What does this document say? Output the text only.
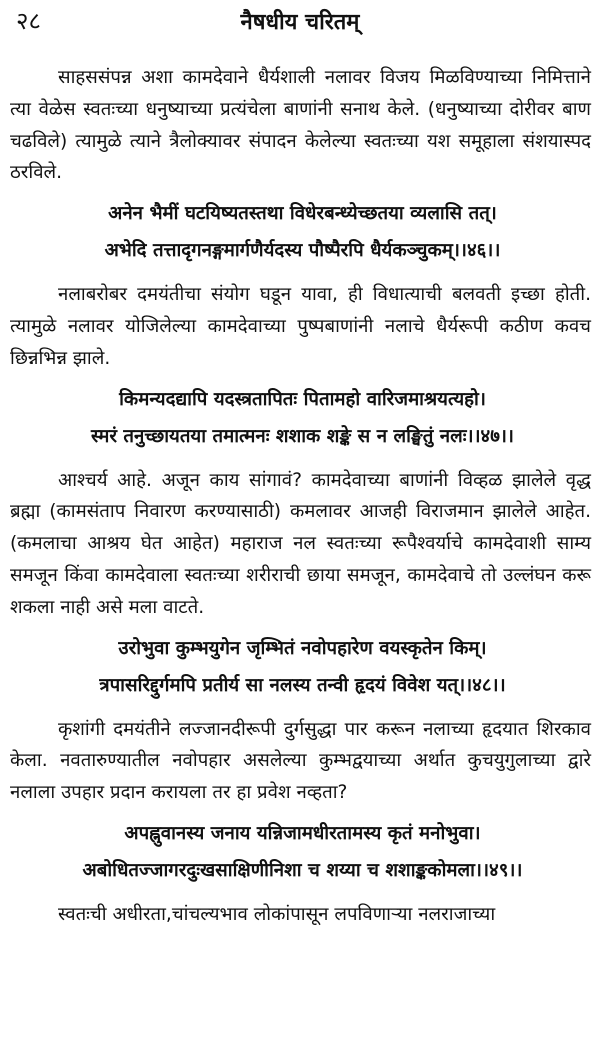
२८	नैषधीय चरितम्

साहससंपन्न अशा कामदेवाने धैर्यशाली नलावर विजय मिळविण्याच्या निमित्ताने त्या वेळेस स्वतःच्या धनुष्याच्या प्रत्यंचेला बाणांनी सनाथ केले. (धनुष्याच्या दोरीवर बाण चढविले) त्यामुळे त्याने त्रैलोक्यावर संपादन केलेल्या स्वतःच्या यश समूहाला संशयास्पद ठरविले.

अनेन भैमीं घटयिष्यतस्तथा विधेरबन्ध्येच्छतया व्यलासि तत्।
अभेदि तत्तादृगनङ्गमार्गणैर्यदस्य पौष्पैरपि धैर्यकञ्चुकम्।।४६।।

नलाबरोबर दमयंतीचा संयोग घडून यावा, ही विधात्याची बलवती इच्छा होती. त्यामुळे नलावर योजिलेल्या कामदेवाच्या पुष्पबाणांनी नलाचे धैर्यरूपी कठीण कवच छिन्नभिन्न झाले.

किमन्यदद्यापि यदस्त्रतापितः पितामहो वारिजमाश्रयत्यहो।
स्मरं तनुच्छायतया तमात्मनः शशाक शङ्के स न लङ्घितुं नलः।।४७।।

आश्चर्य आहे. अजून काय सांगावं? कामदेवाच्या बाणांनी विव्हळ झालेले वृद्ध ब्रह्मा (कामसंताप निवारण करण्यासाठी) कमलावर आजही विराजमान झालेले आहेत. (कमलाचा आश्रय घेत आहेत) महाराज नल स्वतःच्या रूपैश्वर्याचे कामदेवाशी साम्य समजून किंवा कामदेवाला स्वतःच्या शरीराची छाया समजून, कामदेवाचे तो उल्लंघन करू शकला नाही असे मला वाटते.

उरोभुवा कुम्भयुगेन जृम्भितं नवोपहारेण वयस्कृतेन किम्।
त्रपासरिद्दुर्गमपि प्रतीर्य सा नलस्य तन्वी हृदयं विवेश यत्।।४८।।

कृशांगी दमयंतीने लज्जानदीरूपी दुर्गसुद्धा पार करून नलाच्या हृदयात शिरकाव केला. नवतारुण्यातील नवोपहार असलेल्या कुम्भद्वयाच्या अर्थात कुचयुगुलाच्या द्वारे नलाला उपहार प्रदान करायला तर हा प्रवेश नव्हता?

अपह्नुवानस्य जनाय यन्निजामधीरतामस्य कृतं मनोभुवा।
अबोधितज्जागरदुःखसाक्षिणीनिशा च शय्या च शशाङ्ककोमला।।४९।।

स्वतःची अधीरता,चांचल्यभाव लोकांपासून लपविणाऱ्या नलराजाच्या
